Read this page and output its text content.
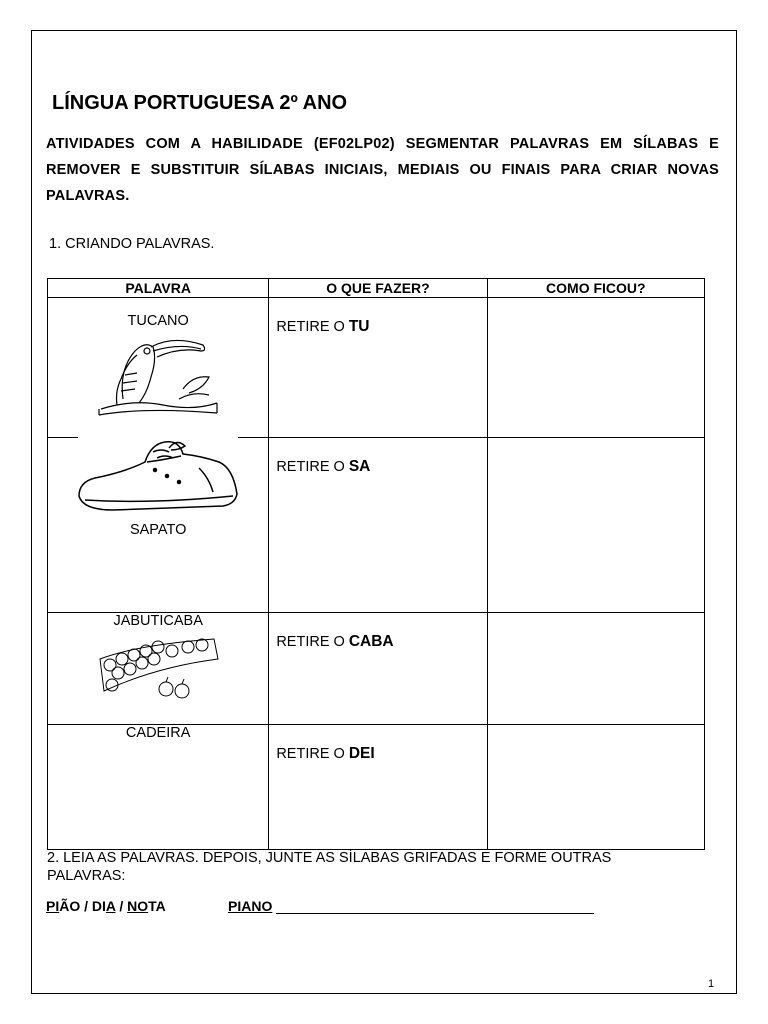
LÍNGUA PORTUGUESA 2º ANO
ATIVIDADES COM A HABILIDADE (EF02LP02) SEGMENTAR PALAVRAS EM SÍLABAS E REMOVER E SUBSTITUIR SÍLABAS INICIAIS, MEDIAIS OU FINAIS PARA CRIAR NOVAS PALAVRAS.
1. CRIANDO PALAVRAS.
PALAVRA	O QUE FAZER?	COMO FICOU?

TUCANO	RETIRE O TU	

SAPATO	RETIRE O SA	

JABUTICABA	RETIRE O CABA	

CADEIRA	RETIRE O DEI	

2. LEIA AS PALAVRAS. DEPOIS, JUNTE AS SÍLABAS GRIFADAS E FORME OUTRAS PALAVRAS:
PIÃO / DIA / NOTA	PIANO
1
